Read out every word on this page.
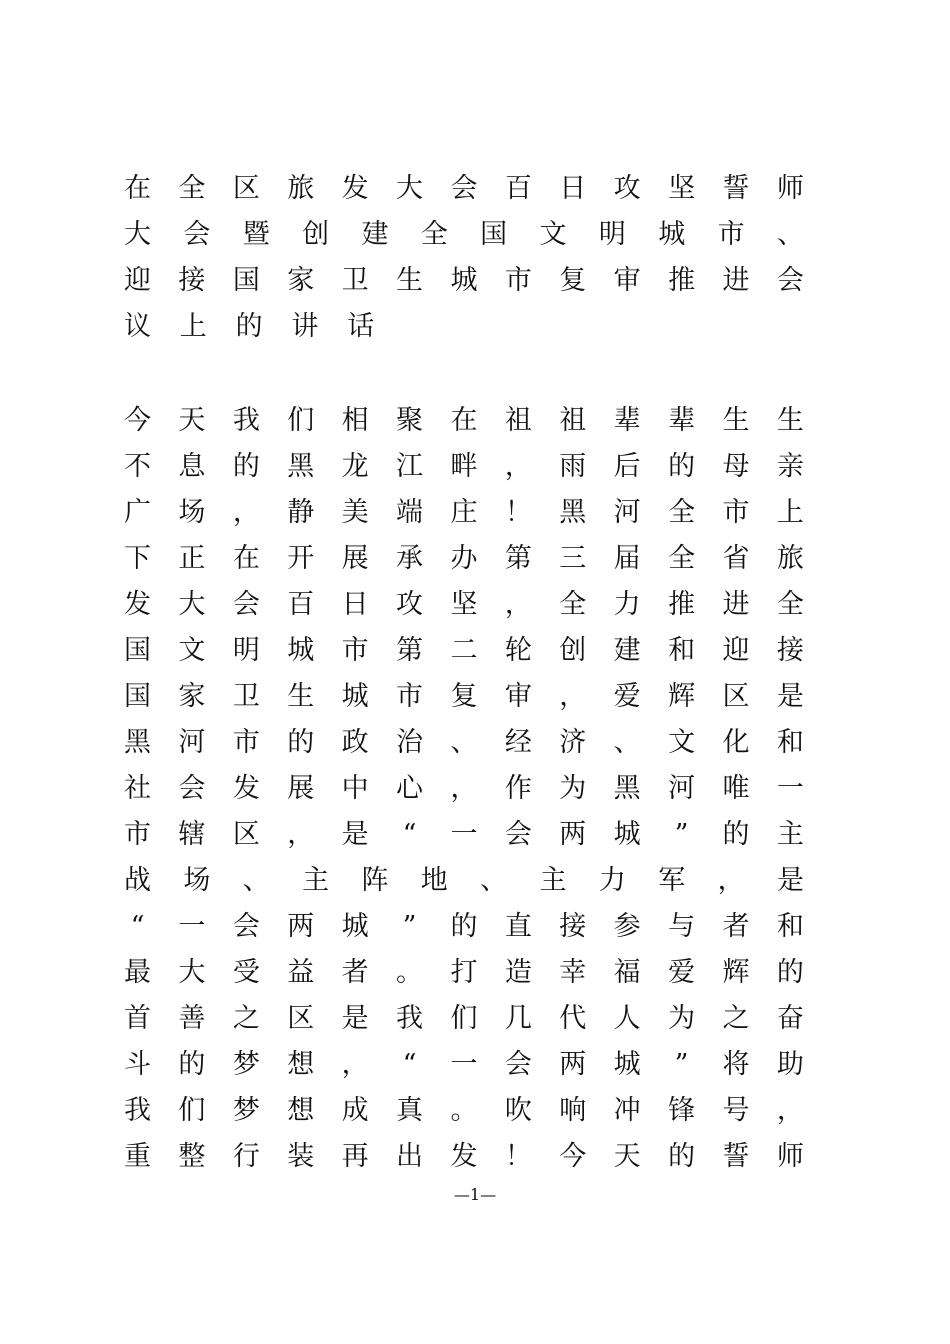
在 全 区 旅 发 大 会 百 日 攻 坚 誓 师
大 会 暨 创 建 全 国 文 明 城 市 、
迎 接 国 家 卫 生 城 市 复 审 推 进 会
议 上 的 讲 话
今 天 我 们 相 聚 在 祖 祖 辈 辈 生 生
不 息 的 黑 龙 江 畔 ， 雨 后 的 母 亲
广 场 ， 静 美 端 庄 ！ 黑 河 全 市 上
下 正 在 开 展 承 办 第 三 届 全 省 旅
发 大 会 百 日 攻 坚 ， 全 力 推 进 全
国 文 明 城 市 第 二 轮 创 建 和 迎 接
国 家 卫 生 城 市 复 审 ， 爱 辉 区 是
黑 河 市 的 政 治 、 经 济 、 文 化 和
社 会 发 展 中 心 ， 作 为 黑 河 唯 一
市 辖 区 ， 是 “ 一 会 两 城 ” 的 主
战 场 、 主 阵 地 、 主 力 军 ， 是
“ 一 会 两 城 ” 的 直 接 参 与 者 和
最 大 受 益 者 。 打 造 幸 福 爱 辉 的
首 善 之 区 是 我 们 几 代 人 为 之 奋
斗 的 梦 想 ， “ 一 会 两 城 ” 将 助
我 们 梦 想 成 真 。 吹 响 冲 锋 号 ，
重 整 行 装 再 出 发 ！ 今 天 的 誓 师
—1—
